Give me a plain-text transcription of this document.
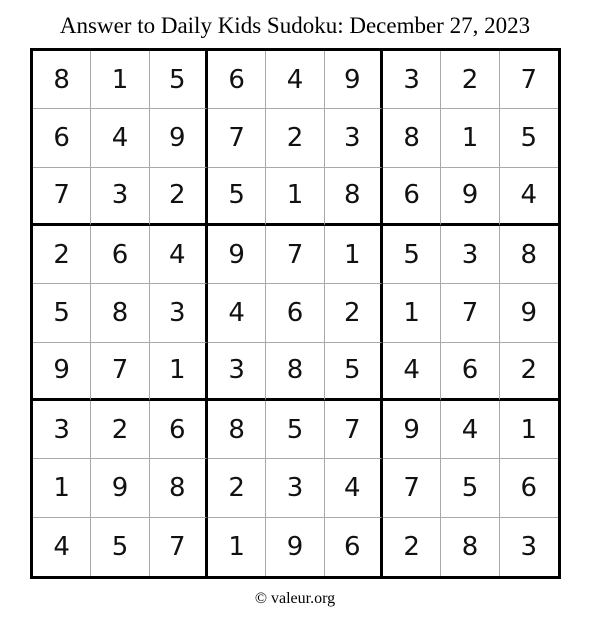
Answer to Daily Kids Sudoku: December 27, 2023
8	1	5	6	4	9	3	2	7
6	4	9	7	2	3	8	1	5
7	3	2	5	1	8	6	9	4
2	6	4	9	7	1	5	3	8
5	8	3	4	6	2	1	7	9
9	7	1	3	8	5	4	6	2
3	2	6	8	5	7	9	4	1
1	9	8	2	3	4	7	5	6
4	5	7	1	9	6	2	8	3
© valeur.org
